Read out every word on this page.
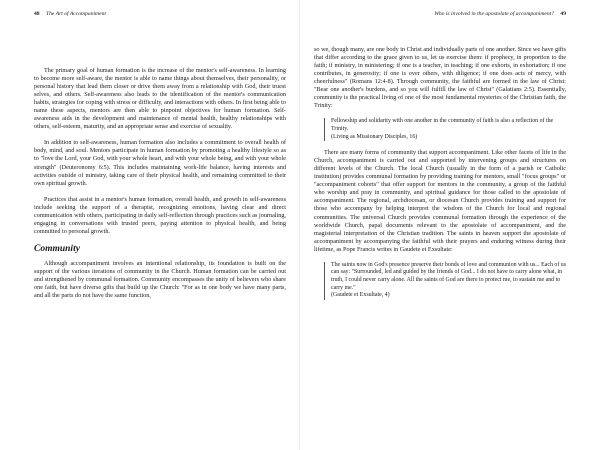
48 The Art of Accompaniment

The primary goal of human formation is the increase of the mentor's self-awareness. In learning to become more self-aware, the mentor is able to name things about themselves, their personality, or personal history that lead them closer or drive them away from a relationship with God, their truest selves, and others. Self-awareness also leads to the identification of the mentor's communication habits, strategies for coping with stress or difficulty, and interactions with others. In first being able to name these aspects, mentors are then able to pinpoint objectives for human formation. Self-awareness aids in the development and maintenance of mental health, healthy relationships with others, self-esteem, maturity, and an appropriate sense and exercise of sexuality.

In addition to self-awareness, human formation also includes a commitment to overall health of body, mind, and soul. Mentors participate in human formation by promoting a healthy lifestyle so as to "love the Lord, your God, with your whole heart, and with your whole being, and with your whole strength" (Deuteronomy 6:5). This includes maintaining work-life balance, having interests and activities outside of ministry, taking care of their physical health, and remaining committed to their own spiritual growth.

Practices that assist in a mentor's human formation, overall health, and growth in self-awareness include seeking the support of a therapist, recognizing emotions, having clear and direct communication with others, participating in daily self-reflection through practices such as journaling, engaging in conversations with trusted peers, paying attention to physical health, and being committed to personal growth.

Community

Although accompaniment involves an intentional relationship, its foundation is built on the support of the various iterations of community in the Church. Human formation can be carried out and strengthened by communal formation. Community encompasses the unity of believers who share one faith, but have diverse gifts that build up the Church: "For as in one body we have many parts, and all the parts do not have the same function,

Who is involved in the apostolate of accompaniment? 49

so we, though many, are one body in Christ and individually parts of one another. Since we have gifts that differ according to the grace given to us, let us exercise them: if prophecy, in proportion to the faith; if ministry, in ministering; if one is a teacher, in teaching; if one exhorts, in exhortation; if one contributes, in generosity; if one is over others, with diligence; if one does acts of mercy, with cheerfulness" (Romans 12:4-8). Through community, the faithful are formed in the law of Christ: "Bear one another's burdens, and so you will fulfill the law of Christ" (Galatians 2:5). Essentially, community is the practical living of one of the most fundamental mysteries of the Christian faith, the Trinity:

Fellowship and solidarity with one another in the community of faith is also a reflection of the Trinity.
(Living as Missionary Disciples, 16)

There are many forms of community that support accompaniment. Like other facets of life in the Church, accompaniment is carried out and supported by intervening groups and structures on different levels of the Church. The local Church (usually in the form of a parish or Catholic institution) provides communal formation by providing training for mentors, small "focus groups" or "accompaniment cohorts" that offer support for mentors in the community, a group of the faithful who worship and pray in community, and spiritual guidance for those called to the apostolate of accompaniment. The regional, archdiocesan, or diocesan Church provides training and support for those who accompany by helping interpret the wisdom of the Church for local and regional communities. The universal Church provides communal formation through the experience of the worldwide Church, papal documents relevant to the apostolate of accompaniment, and the magisterial interpretation of the Christian tradition. The saints in heaven support the apostolate of accompaniment by accompanying the faithful with their prayers and enduring witness during their lifetime, as Pope Francis writes in Gaudete et Exsultate:

The saints now in God's presence preserve their bonds of love and communion with us... Each of us can say: "Surrounded, led and guided by the friends of God... I do not have to carry alone what, in truth, I could never carry alone. All the saints of God are there to protect me, to sustain me and to carry me."
(Gaudete et Exsultate, 4)
